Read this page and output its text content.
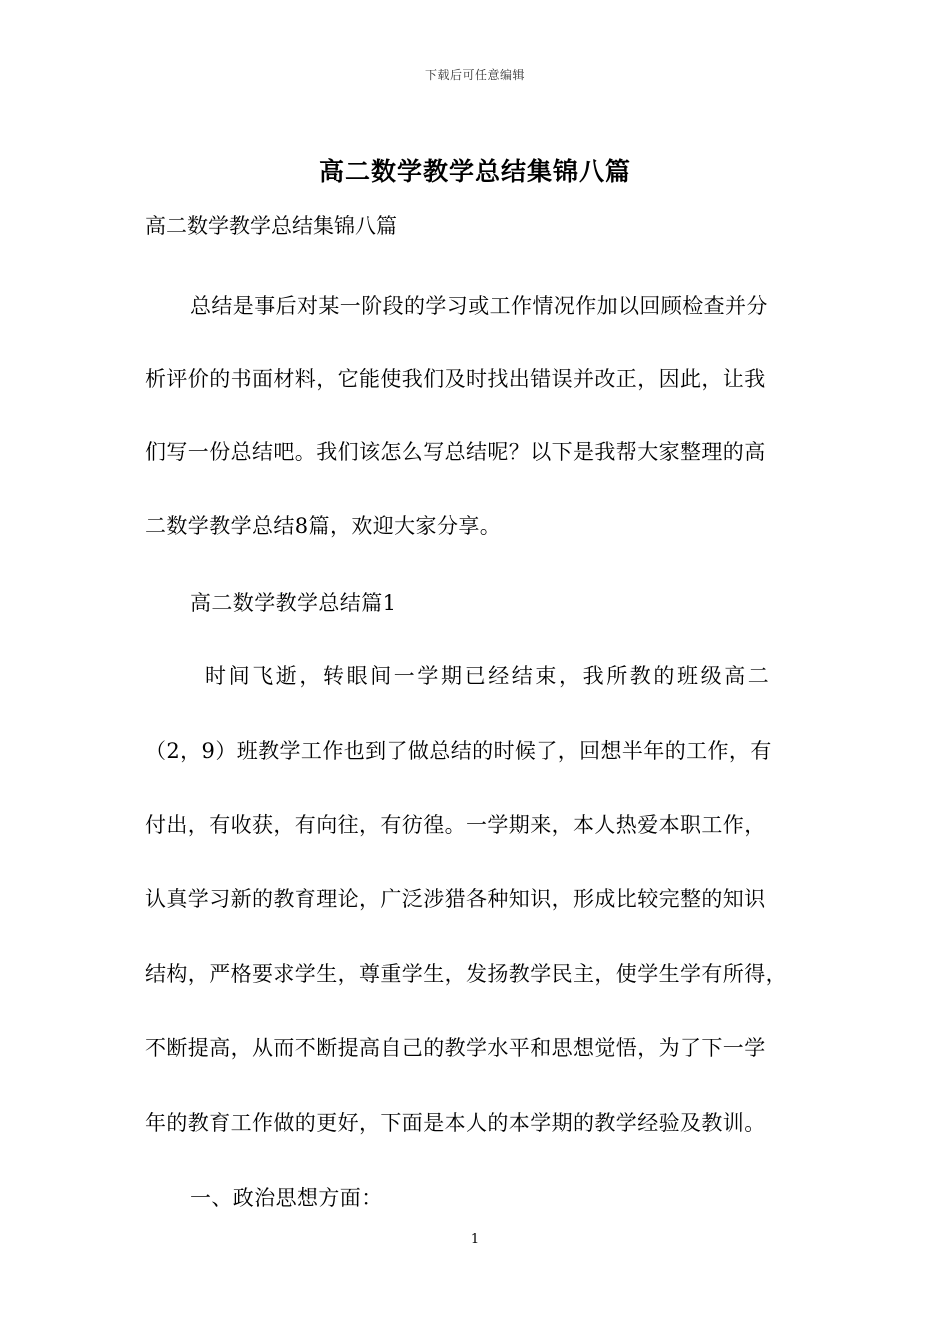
下载后可任意编辑
高二数学教学总结集锦八篇
高二数学教学总结集锦八篇
总结是事后对某一阶段的学习或工作情况作加以回顾检查并分
析评价的书面材料，它能使我们及时找出错误并改正，因此，让我
们写一份总结吧。我们该怎么写总结呢？以下是我帮大家整理的高
二数学教学总结8篇，欢迎大家分享。
高二数学教学总结篇1
时间飞逝，转眼间一学期已经结束，我所教的班级高二
（2，9）班教学工作也到了做总结的时候了，回想半年的工作，有
付出，有收获，有向往，有彷徨。一学期来，本人热爱本职工作，
认真学习新的教育理论，广泛涉猎各种知识，形成比较完整的知识
结构，严格要求学生，尊重学生，发扬教学民主，使学生学有所得，
不断提高，从而不断提高自己的教学水平和思想觉悟，为了下一学
年的教育工作做的更好，下面是本人的本学期的教学经验及教训。
一、政治思想方面：
1
